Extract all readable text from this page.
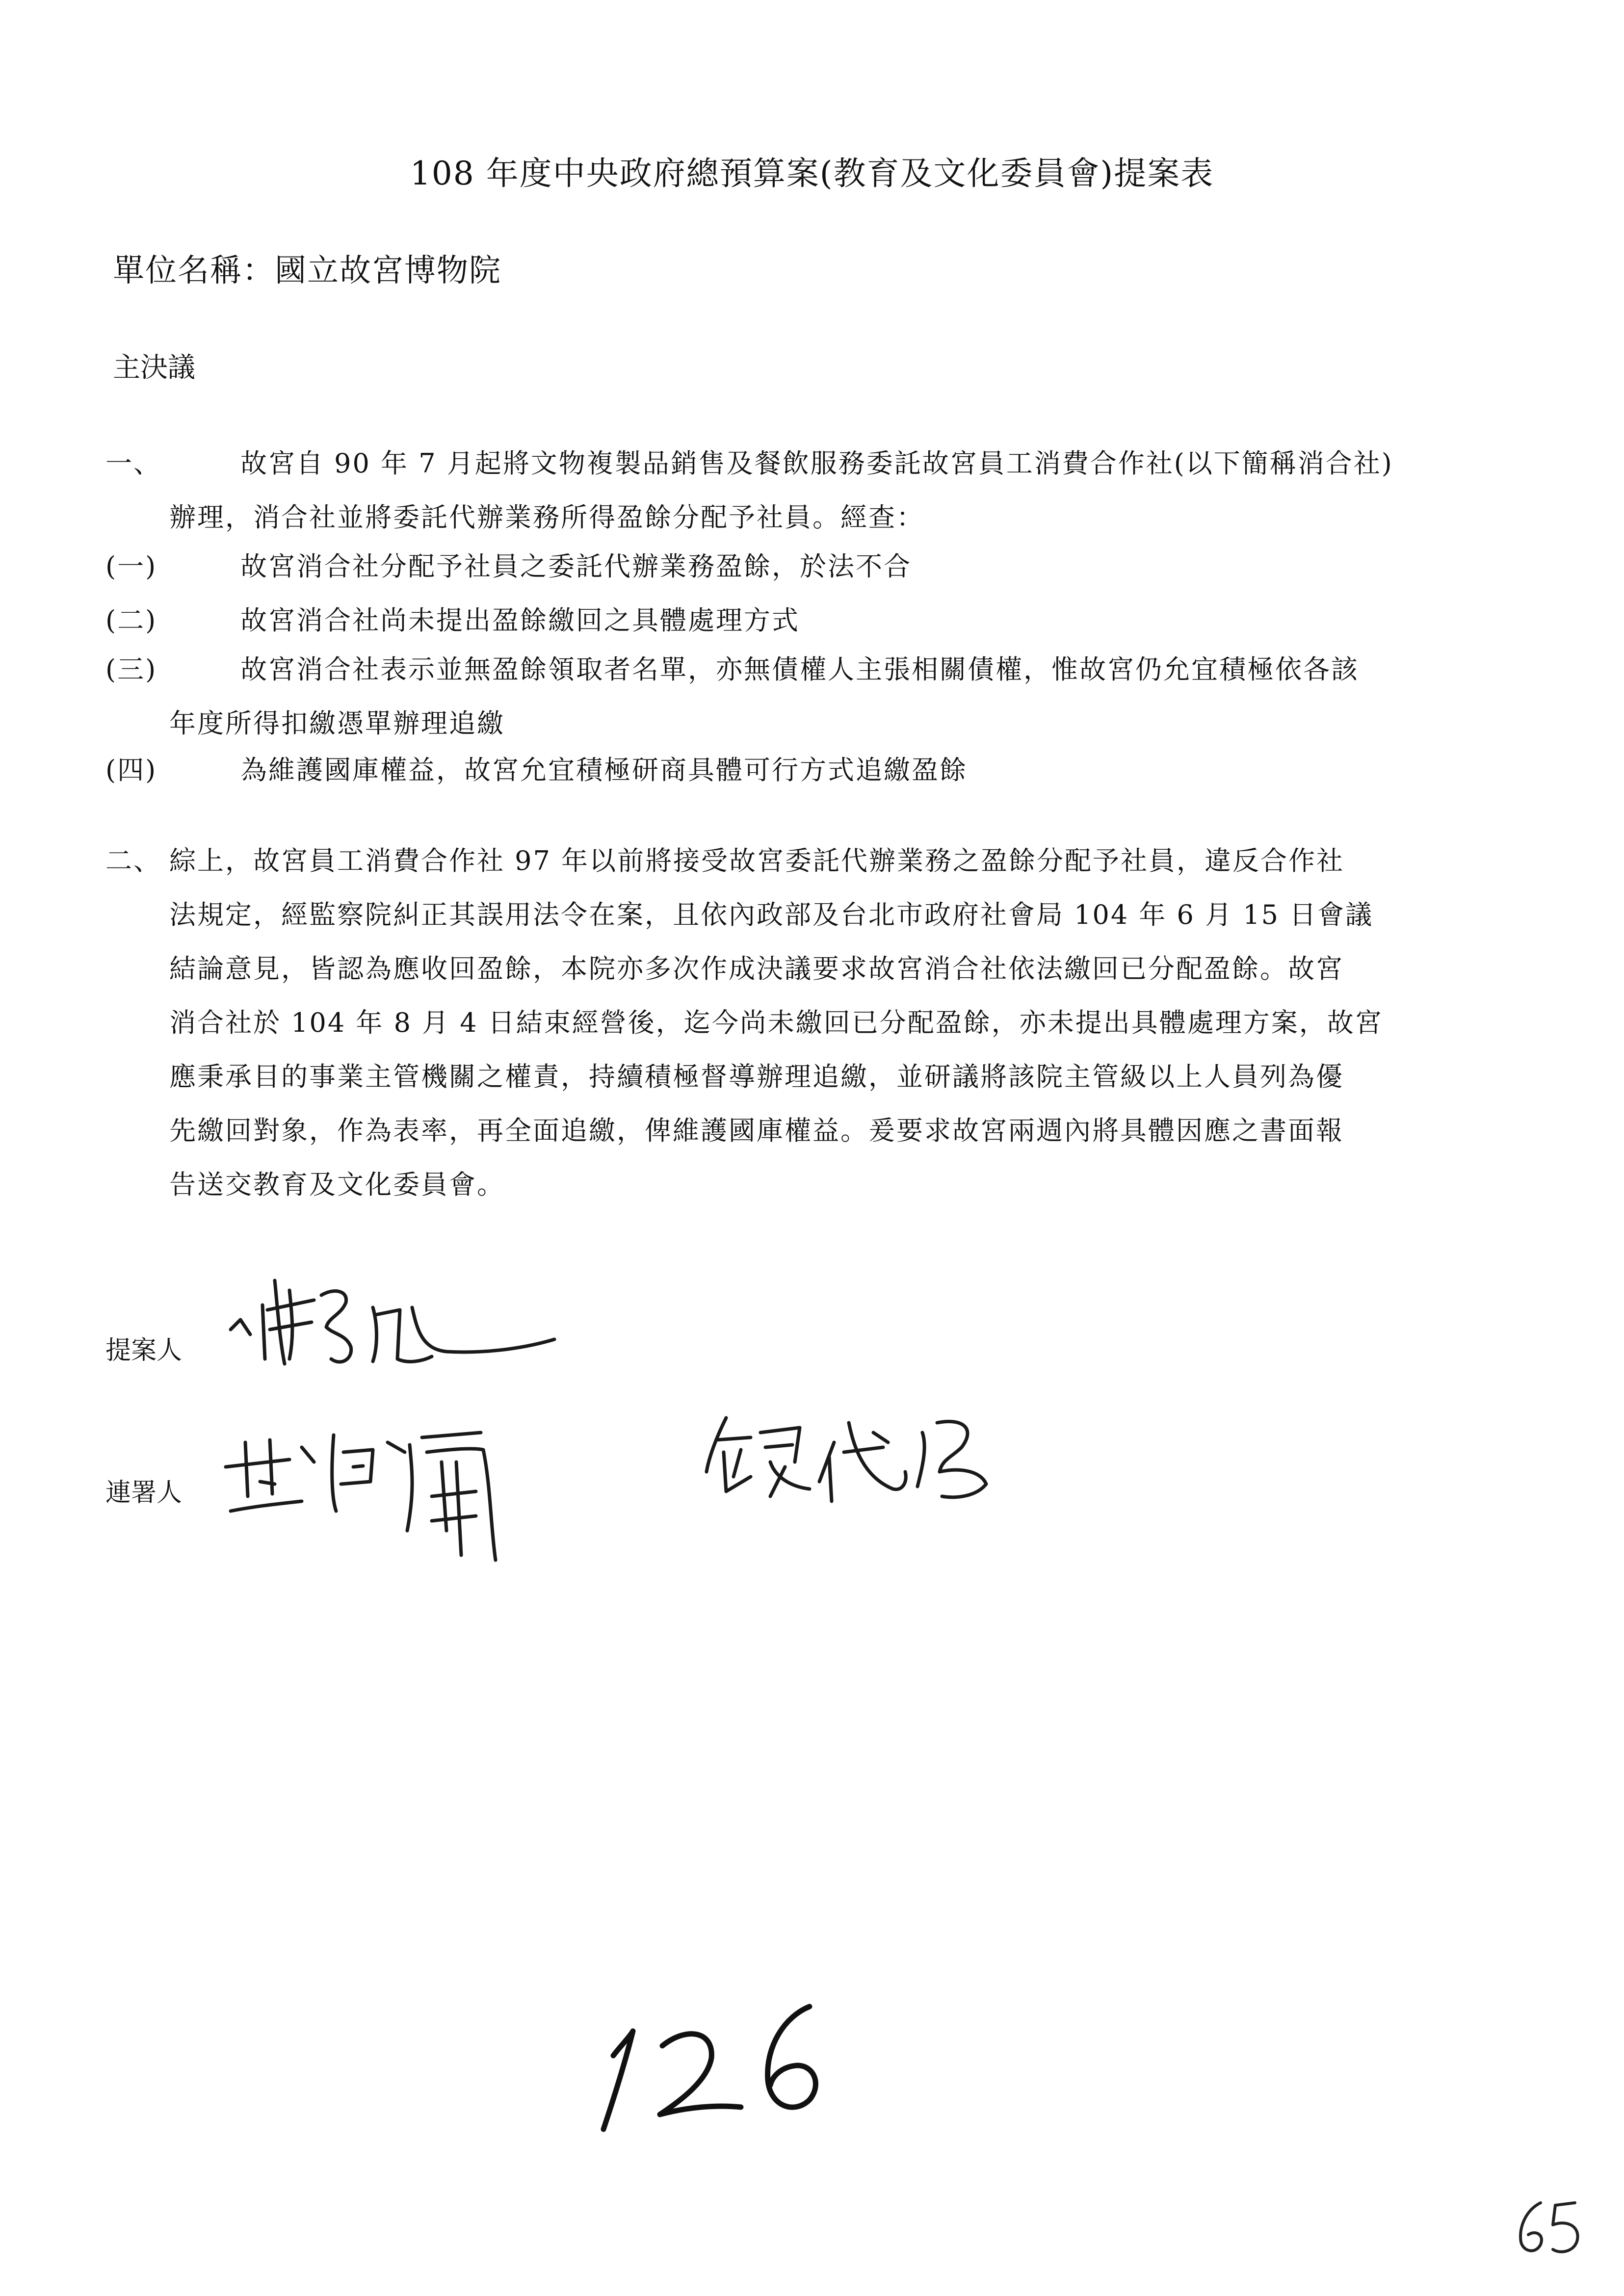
108 年度中央政府總預算案(教育及文化委員會)提案表
單位名稱：國立故宮博物院
主決議
一、	故宮自 90 年 7 月起將文物複製品銷售及餐飲服務委託故宮員工消費合作社(以下簡稱消合社)
辦理，消合社並將委託代辦業務所得盈餘分配予社員。經查：
(一)	故宮消合社分配予社員之委託代辦業務盈餘，於法不合
(二)	故宮消合社尚未提出盈餘繳回之具體處理方式
(三)	故宮消合社表示並無盈餘領取者名單，亦無債權人主張相關債權，惟故宮仍允宜積極依各該
年度所得扣繳憑單辦理追繳
(四)	為維護國庫權益，故宮允宜積極研商具體可行方式追繳盈餘
二、 綜上，故宮員工消費合作社 97 年以前將接受故宮委託代辦業務之盈餘分配予社員，違反合作社
法規定，經監察院糾正其誤用法令在案，且依內政部及台北市政府社會局 104 年 6 月 15 日會議
結論意見，皆認為應收回盈餘，本院亦多次作成決議要求故宮消合社依法繳回已分配盈餘。故宮
消合社於 104 年 8 月 4 日結束經營後，迄今尚未繳回已分配盈餘，亦未提出具體處理方案，故宮
應秉承目的事業主管機關之權責，持續積極督導辦理追繳，並研議將該院主管級以上人員列為優
先繳回對象，作為表率，再全面追繳，俾維護國庫權益。爰要求故宮兩週內將具體因應之書面報
告送交教育及文化委員會。
提案人
連署人
